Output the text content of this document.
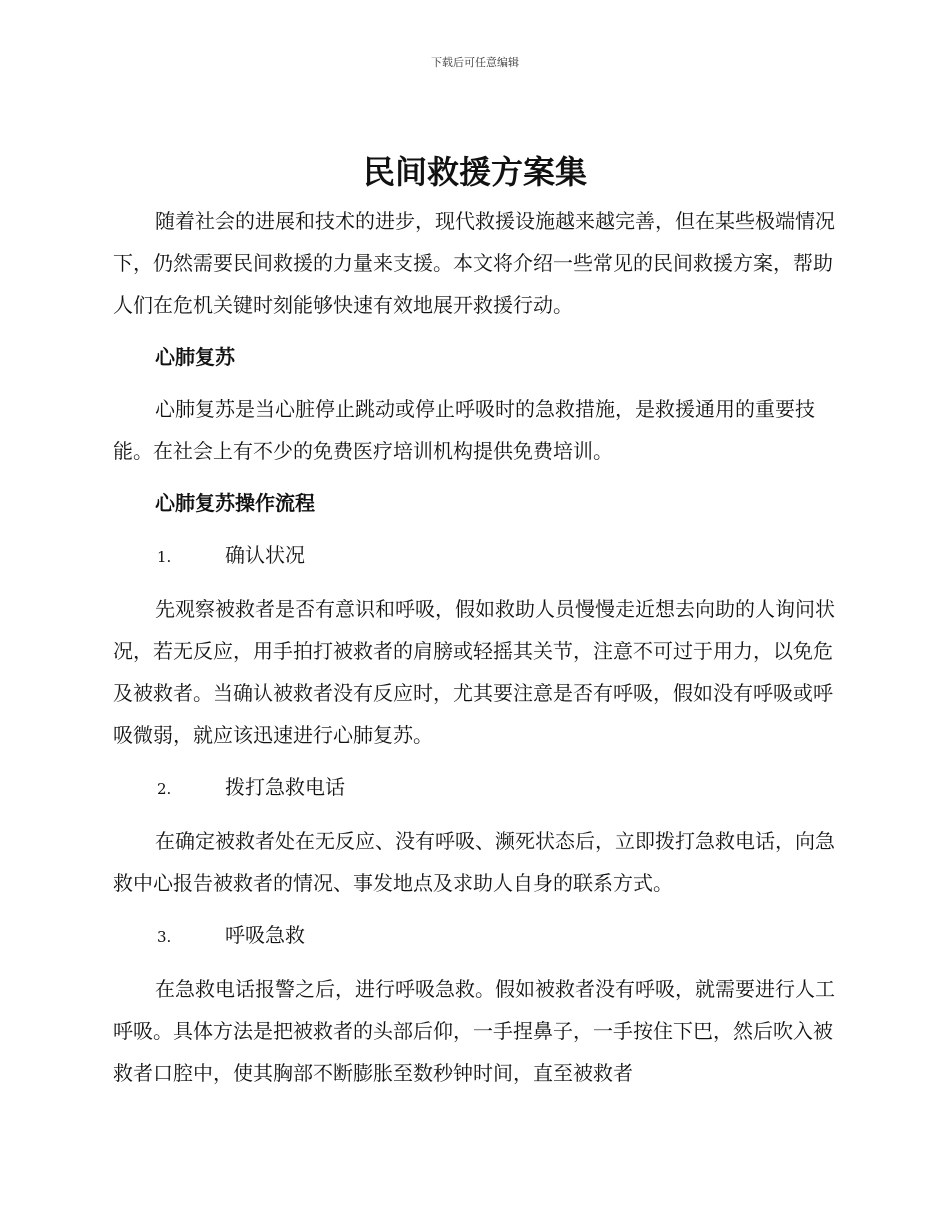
下载后可任意编辑
民间救援方案集

随着社会的进展和技术的进步，现代救援设施越来越完善，但在某些极端情况下，仍然需要民间救援的力量来支援。本文将介绍一些常见的民间救援方案，帮助人们在危机关键时刻能够快速有效地展开救援行动。

心肺复苏

心肺复苏是当心脏停止跳动或停止呼吸时的急救措施，是救援通用的重要技能。在社会上有不少的免费医疗培训机构提供免费培训。

心肺复苏操作流程
1.	确认状况

先观察被救者是否有意识和呼吸，假如救助人员慢慢走近想去向助的人询问状况，若无反应，用手拍打被救者的肩膀或轻摇其关节，注意不可过于用力，以免危及被救者。当确认被救者没有反应时，尤其要注意是否有呼吸，假如没有呼吸或呼吸微弱，就应该迅速进行心肺复苏。

2.	拨打急救电话

在确定被救者处在无反应、没有呼吸、濒死状态后，立即拨打急救电话，向急救中心报告被救者的情况、事发地点及求助人自身的联系方式。

3.	呼吸急救

在急救电话报警之后，进行呼吸急救。假如被救者没有呼吸，就需要进行人工呼吸。具体方法是把被救者的头部后仰，一手捏鼻子，一手按住下巴，然后吹入被救者口腔中，使其胸部不断膨胀至数秒钟时间，直至被救者
